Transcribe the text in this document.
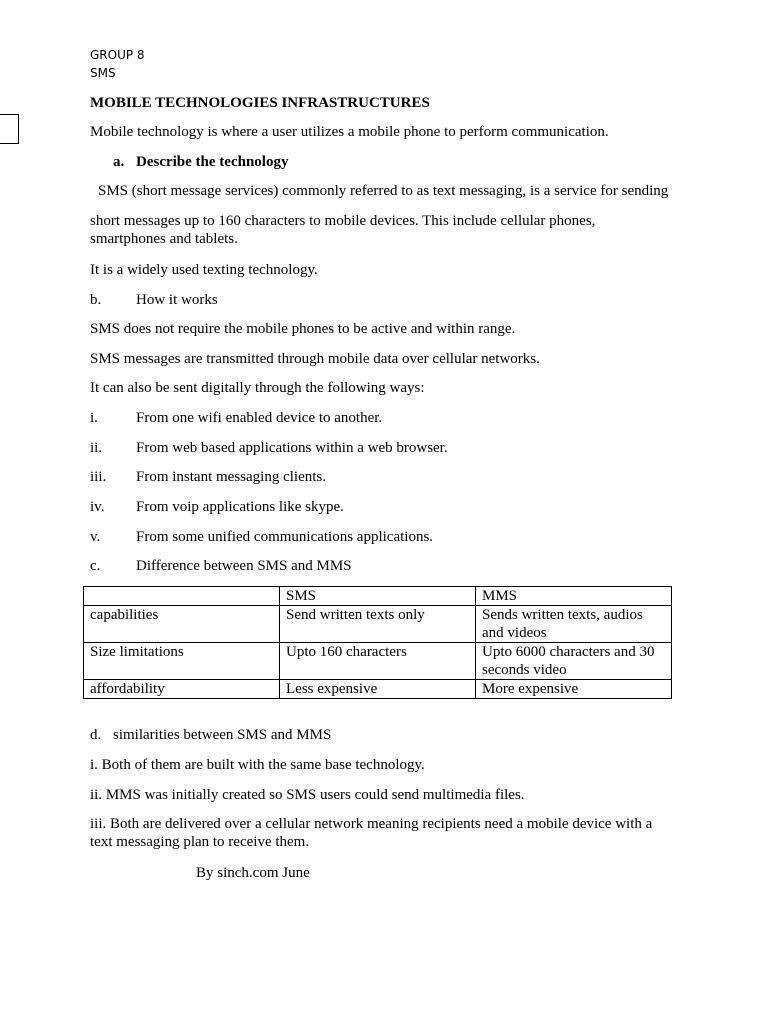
GROUP 8
SMS
MOBILE TECHNOLOGIES INFRASTRUCTURES
Mobile technology is where a user utilizes a mobile phone to perform communication.
a. Describe the technology
SMS (short message services) commonly referred to as text messaging, is a service for sending
short messages up to 160 characters to mobile devices. This include cellular phones, smartphones and tablets.
It is a widely used texting technology.
b. How it works
SMS does not require the mobile phones to be active and within range.
SMS messages are transmitted through mobile data over cellular networks.
It can also be sent digitally through the following ways:
i.	From one wifi enabled device to another.
ii. From web based applications within a web browser.
iii. From instant messaging clients.
iv. From voip applications like skype.
v. From some unified communications applications.
c. Difference between SMS and MMS
	SMS	MMS
capabilities	Send written texts only	Sends written texts, audios and videos
Size limitations	Upto 160 characters	Upto 6000 characters and 30 seconds video
affordability	Less expensive	More expensive
d. similarities between SMS and MMS
i. Both of them are built with the same base technology.
ii. MMS was initially created so SMS users could send multimedia files.
iii. Both are delivered over a cellular network meaning recipients need a mobile device with a text messaging plan to receive them.
By sinch.com June
